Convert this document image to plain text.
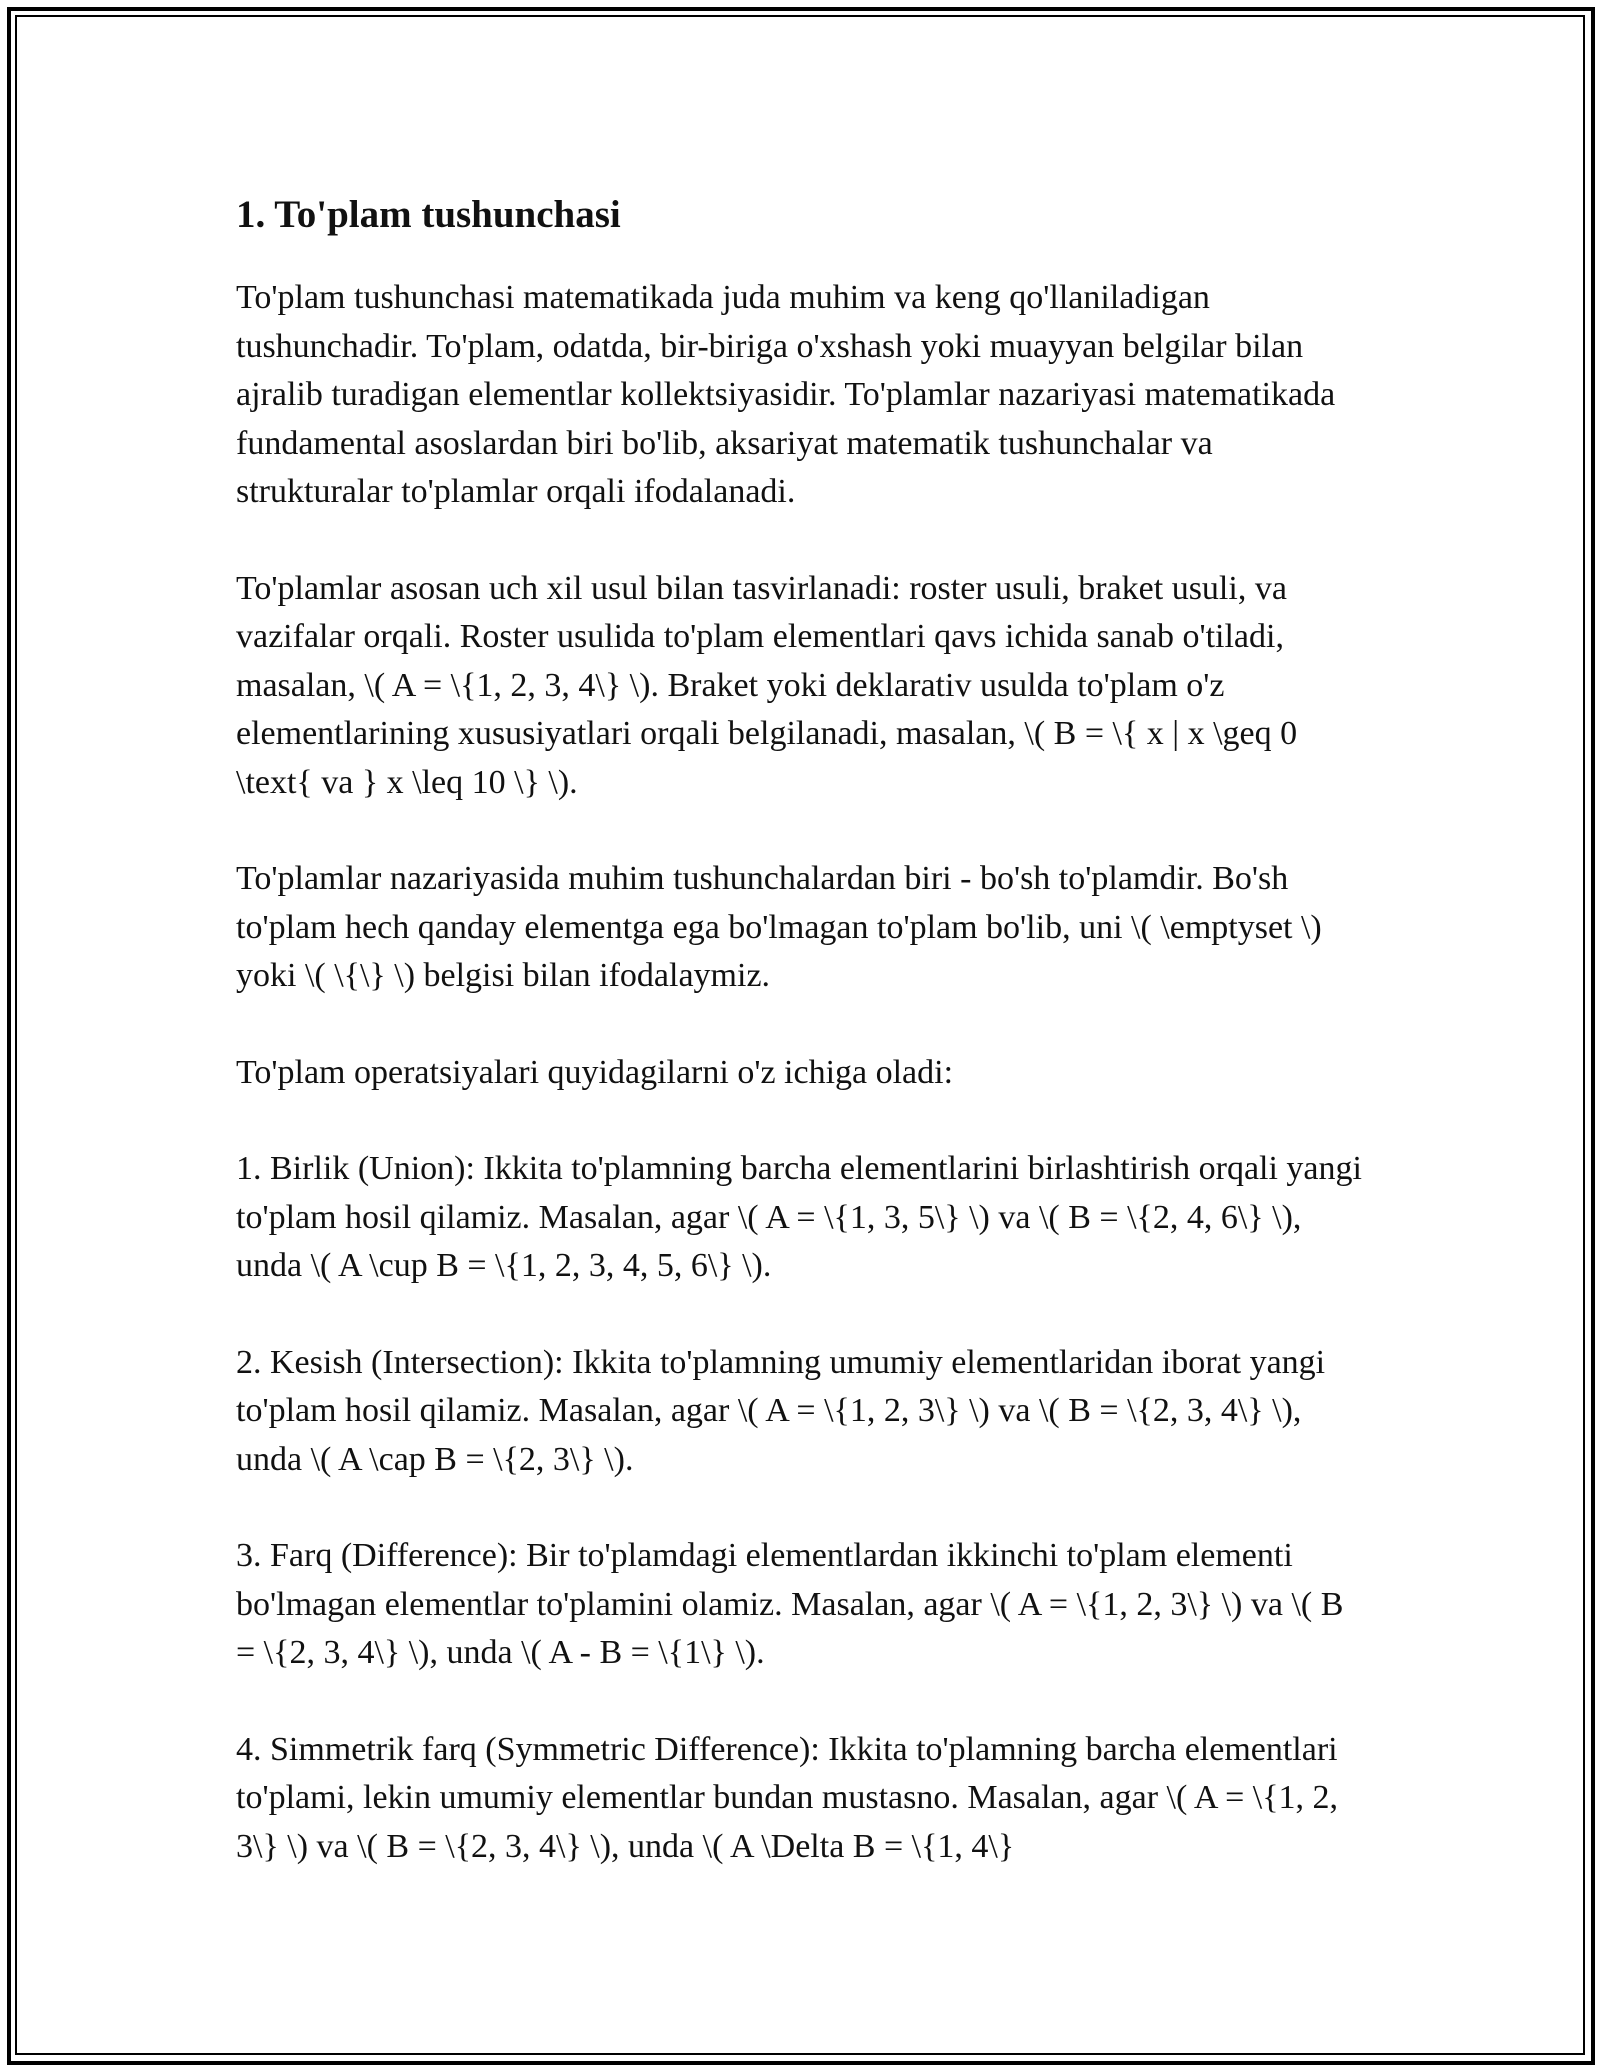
1. To'plam tushunchasi

To'plam tushunchasi matematikada juda muhim va keng qo'llaniladigan tushunchadir. To'plam, odatda, bir-biriga o'xshash yoki muayyan belgilar bilan ajralib turadigan elementlar kollektsiyasidir. To'plamlar nazariyasi matematikada fundamental asoslardan biri bo'lib, aksariyat matematik tushunchalar va strukturalar to'plamlar orqali ifodalanadi.

To'plamlar asosan uch xil usul bilan tasvirlanadi: roster usuli, braket usuli, va vazifalar orqali. Roster usulida to'plam elementlari qavs ichida sanab o'tiladi, masalan, \( A = \{1, 2, 3, 4\} \). Braket yoki deklarativ usulda to'plam o'z elementlarining xususiyatlari orqali belgilanadi, masalan, \( B = \{ x | x \geq 0 \text{ va } x \leq 10 \} \).

To'plamlar nazariyasida muhim tushunchalardan biri - bo'sh to'plamdir. Bo'sh to'plam hech qanday elementga ega bo'lmagan to'plam bo'lib, uni \( \emptyset \) yoki \( \{\} \) belgisi bilan ifodalaymiz.

To'plam operatsiyalari quyidagilarni o'z ichiga oladi:

1. Birlik (Union): Ikkita to'plamning barcha elementlarini birlashtirish orqali yangi to'plam hosil qilamiz. Masalan, agar \( A = \{1, 3, 5\} \) va \( B = \{2, 4, 6\} \), unda \( A \cup B = \{1, 2, 3, 4, 5, 6\} \).

2. Kesish (Intersection): Ikkita to'plamning umumiy elementlaridan iborat yangi to'plam hosil qilamiz. Masalan, agar \( A = \{1, 2, 3\} \) va \( B = \{2, 3, 4\} \), unda \( A \cap B = \{2, 3\} \).

3. Farq (Difference): Bir to'plamdagi elementlardan ikkinchi to'plam elementi bo'lmagan elementlar to'plamini olamiz. Masalan, agar \( A = \{1, 2, 3\} \) va \( B = \{2, 3, 4\} \), unda \( A - B = \{1\} \).

4. Simmetrik farq (Symmetric Difference): Ikkita to'plamning barcha elementlari to'plami, lekin umumiy elementlar bundan mustasno. Masalan, agar \( A = \{1, 2, 3\} \) va \( B = \{2, 3, 4\} \), unda \( A \Delta B = \{1, 4\}
